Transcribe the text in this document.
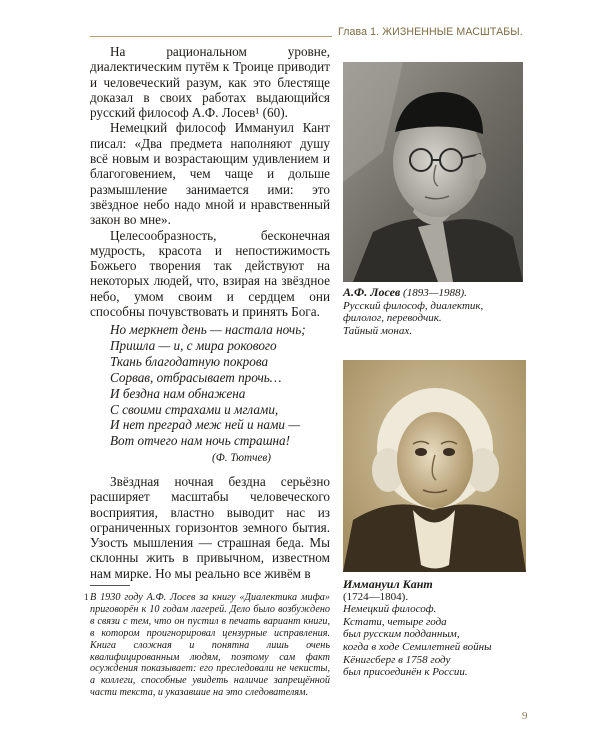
Глава 1. ЖИЗНЕННЫЕ МАСШТАБЫ.

На рациональном уровне, диалектическим путём к Троице приводит и человеческий разум, как это блестяще доказал в своих работах выдающийся русский философ А.Ф. Лосев¹ (60).

Немецкий философ Иммануил Кант писал: «Два предмета наполняют душу всё новым и возрастающим удивлением и благоговением, чем чаще и дольше размышление занимается ими: это звёздное небо надо мной и нравственный закон во мне».

Целесообразность, бесконечная мудрость, красота и непостижимость Божьего творения так действуют на некоторых людей, что, взирая на звёздное небо, умом своим и сердцем они способны почувствовать и принять Бога.

Но меркнет день — настала ночь;
Пришла — и, с мира рокового
Ткань благодатную покрова
Сорвав, отбрасывает прочь…
И бездна нам обнажена
С своими страхами и мглами,
И нет преград меж ней и нами —
Вот отчего нам ночь страшна!
(Ф. Тютчев)

Звёздная ночная бездна серьёзно расширяет масштабы человеческого восприятия, властно выводит нас из ограниченных горизонтов земного бытия. Узость мышления — страшная беда. Мы склонны жить в привычном, известном нам мирке. Но мы реально все живём в

1 В 1930 году А.Ф. Лосев за книгу «Диалектика мифа» приговорён к 10 годам лагерей. Дело было возбуждено в связи с тем, что он пустил в печать вариант книги, в котором проигнорировал цензурные исправления. Книга сложная и понятна лишь очень квалифицированным людям, поэтому сам факт осуждения показывает: его преследовали не чекисты, а коллеги, способные увидеть наличие запрещённой части текста, и указавшие на это следователям.
А.Ф. Лосев (1893—1988).
Русский философ, диалектик,
филолог, переводчик.
Тайный монах.
Иммануил Кант
(1724—1804).
Немецкий философ.
Кстати, четыре года
был русским подданным,
когда в ходе Семилетней войны
Кёнигсберг в 1758 году
был присоединён к России.
9
